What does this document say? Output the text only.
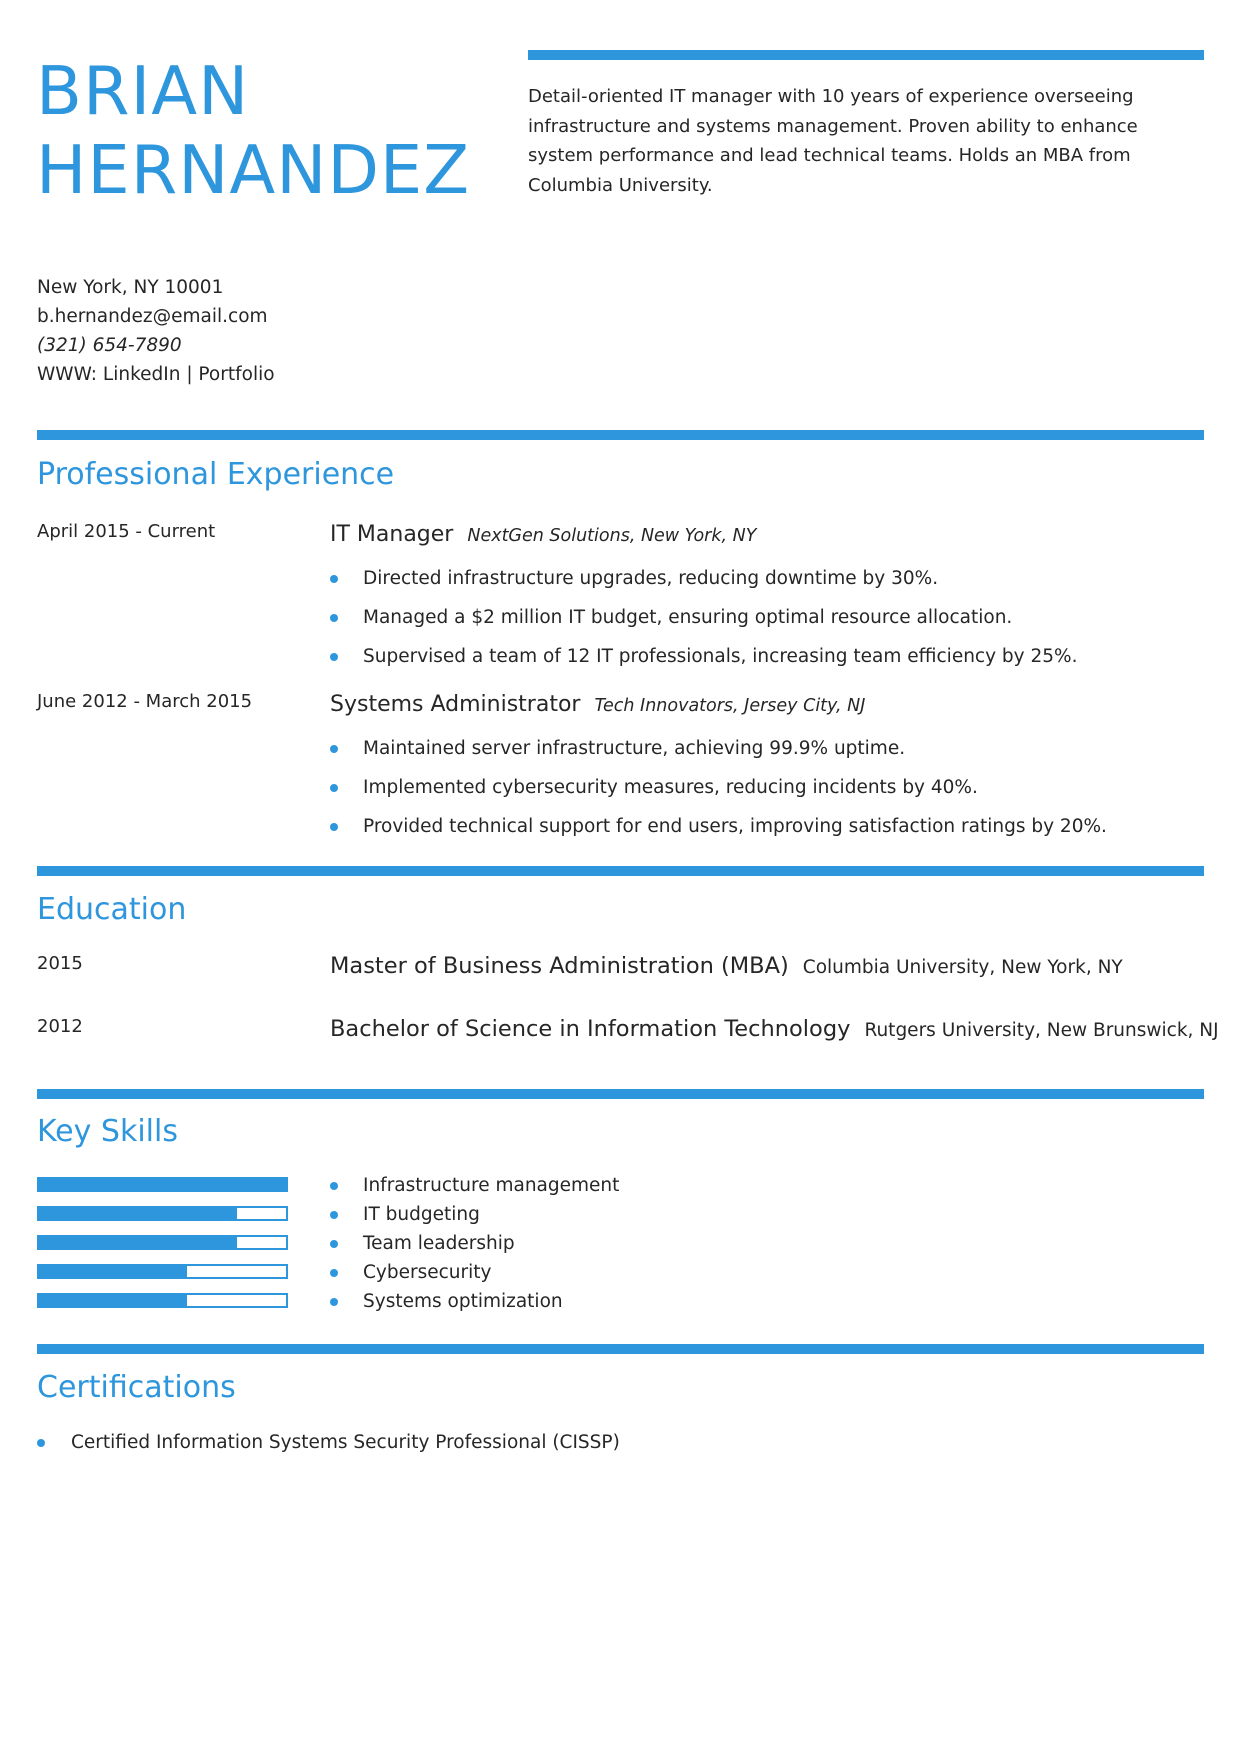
BRIAN
HERNANDEZ
Detail-oriented IT manager with 10 years of experience overseeing infrastructure and systems management. Proven ability to enhance system performance and lead technical teams. Holds an MBA from Columbia University.
New York, NY 10001
b.hernandez@email.com
(321) 654-7890
WWW: LinkedIn | Portfolio
Professional Experience
April 2015 - Current	IT Manager NextGen Solutions, New York, NY
Directed infrastructure upgrades, reducing downtime by 30%.
Managed a $2 million IT budget, ensuring optimal resource allocation.
Supervised a team of 12 IT professionals, increasing team efficiency by 25%.
June 2012 - March 2015	Systems Administrator Tech Innovators, Jersey City, NJ
Maintained server infrastructure, achieving 99.9% uptime.
Implemented cybersecurity measures, reducing incidents by 40%.
Provided technical support for end users, improving satisfaction ratings by 20%.
Education
2015	Master of Business Administration (MBA) Columbia University, New York, NY
2012	Bachelor of Science in Information Technology Rutgers University, New Brunswick, NJ
Key Skills
Infrastructure management
IT budgeting
Team leadership
Cybersecurity
Systems optimization
Certifications
Certified Information Systems Security Professional (CISSP)
